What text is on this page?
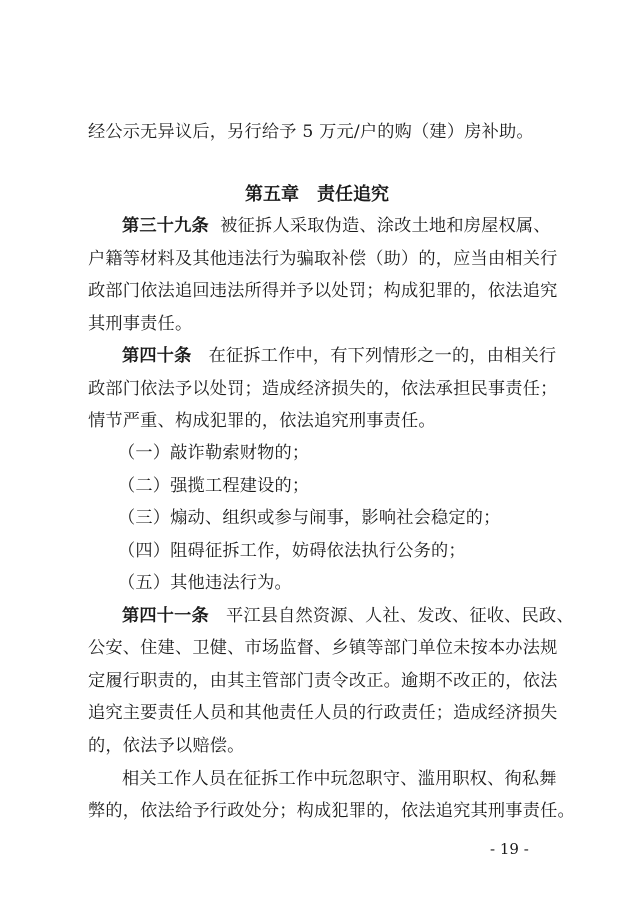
经公示无异议后，另行给予 5 万元/户的购（建）房补助。
第五章 责任追究
第三十九条 被征拆人采取伪造、涂改土地和房屋权属、
户籍等材料及其他违法行为骗取补偿（助）的，应当由相关行
政部门依法追回违法所得并予以处罚；构成犯罪的，依法追究
其刑事责任。
第四十条 在征拆工作中，有下列情形之一的，由相关行
政部门依法予以处罚；造成经济损失的，依法承担民事责任；
情节严重、构成犯罪的，依法追究刑事责任。
（一）敲诈勒索财物的；
（二）强揽工程建设的；
（三）煽动、组织或参与闹事，影响社会稳定的；
（四）阻碍征拆工作，妨碍依法执行公务的；
（五）其他违法行为。
第四十一条 平江县自然资源、人社、发改、征收、民政、
公安、住建、卫健、市场监督、乡镇等部门单位未按本办法规
定履行职责的，由其主管部门责令改正。逾期不改正的，依法
追究主要责任人员和其他责任人员的行政责任；造成经济损失
的，依法予以赔偿。
相关工作人员在征拆工作中玩忽职守、滥用职权、徇私舞
弊的，依法给予行政处分；构成犯罪的，依法追究其刑事责任。
- 19 -
